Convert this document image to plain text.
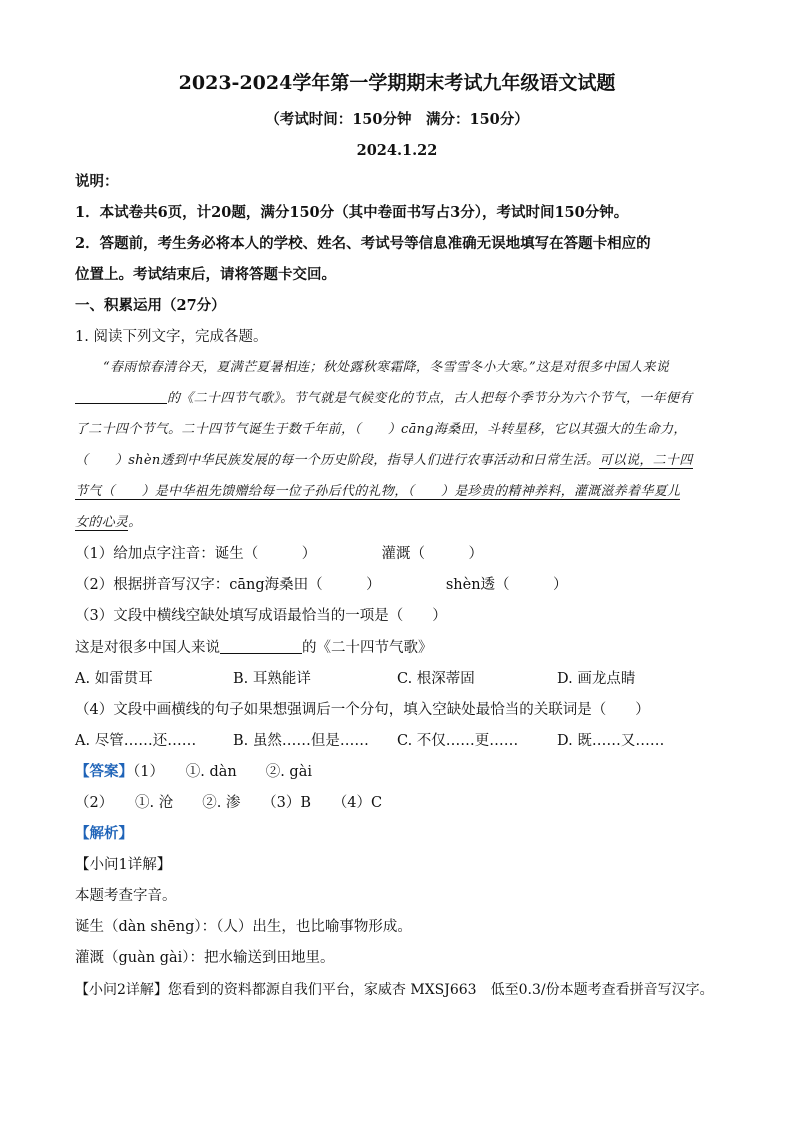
2023-2024学年第一学期期末考试九年级语文试题
（考试时间：150分钟　满分：150分）
2024.1.22
说明：
1．本试卷共6页，计20题，满分150分（其中卷面书写占3分），考试时间150分钟。
2．答题前，考生务必将本人的学校、姓名、考试号等信息准确无误地填写在答题卡相应的
位置上。考试结束后，请将答题卡交回。
一、积累运用（27分）
1. 阅读下列文字，完成各题。
“春雨惊春清谷天，夏满芒夏暑相连；秋处露秋寒霜降，冬雪雪冬小大寒。”这是对很多中国人来说
的《二十四节气歌》。节气就是气候变化的节点，古人把每个季节分为六个节气，一年便有
了二十四个节气。二十四节气诞生于数千年前，（　　）cāng海桑田，斗转星移，它以其强大的生命力，
（　　）shèn透到中华民族发展的每一个历史阶段，指导人们进行农事活动和日常生活。可以说，二十四
节气（　　）是中华祖先馈赠给每一位子孙后代的礼物，（　　）是珍贵的精神养料，灌溉滋养着华夏儿
女的心灵。
（1）给加点字注音：诞生（　　　）　　　　　灌溉（　　　）
（2）根据拼音写汉字：cāng海桑田（　　　）　　　　　shèn透（　　　）
（3）文段中横线空缺处填写成语最恰当的一项是（　　）
这是对很多中国人来说	的《二十四节气歌》
A. 如雷贯耳	B. 耳熟能详	C. 根深蒂固	D. 画龙点睛
（4）文段中画横线的句子如果想强调后一个分句，填入空缺处最恰当的关联词是（　　）
A. 尽管……还……	B. 虽然……但是…… C. 不仅……更……	D. 既……又……
【答案】（1）　　①. dàn　　②. gài
（2）　　①. 沧　　②. 渗　　（3）B　　（4）C
【解析】
【小问1详解】
本题考查字音。
诞生（dàn shēng）：（人）出生，也比喻事物形成。
灌溉（guàn gài）：把水输送到田地里。
【小问2详解】您看到的资料都源自我们平台，家威杏 MXSJ663　低至0.3/份本题考查看拼音写汉字。
